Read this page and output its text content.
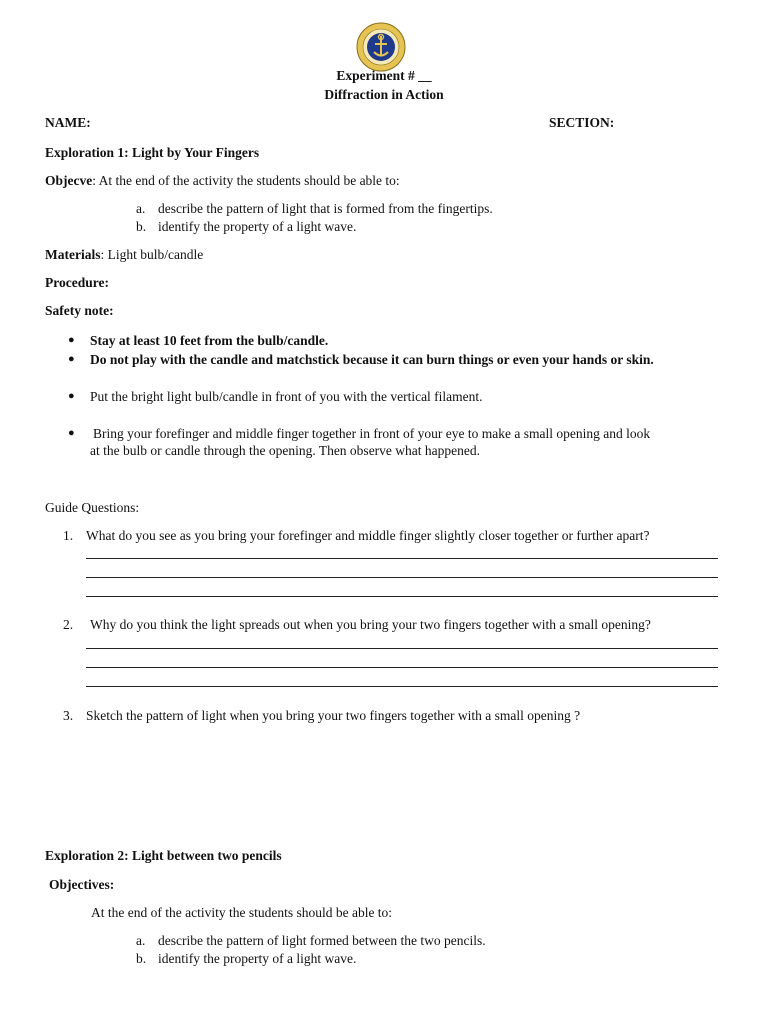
Experiment # __
Diffraction in Action
NAME:	SECTION:
Exploration 1: Light by Your Fingers
Objecve: At the end of the activity the students should be able to:
a. describe the pattern of light that is formed from the fingertips.
b. identify the property of a light wave.
Materials: Light bulb/candle
Procedure:
Safety note:
● Stay at least 10 feet from the bulb/candle.
● Do not play with the candle and matchstick because it can burn things or even your hands or skin.
● Put the bright light bulb/candle in front of you with the vertical filament.
● Bring your forefinger and middle finger together in front of your eye to make a small opening and look
at the bulb or candle through the opening. Then observe what happened.
Guide Questions:
1. What do you see as you bring your forefinger and middle finger slightly closer together or further apart?
2. Why do you think the light spreads out when you bring your two fingers together with a small opening?
3. Sketch the pattern of light when you bring your two fingers together with a small opening ?
Exploration 2: Light between two pencils
Objectives:
At the end of the activity the students should be able to:
a. describe the pattern of light formed between the two pencils.
b. identify the property of a light wave.
